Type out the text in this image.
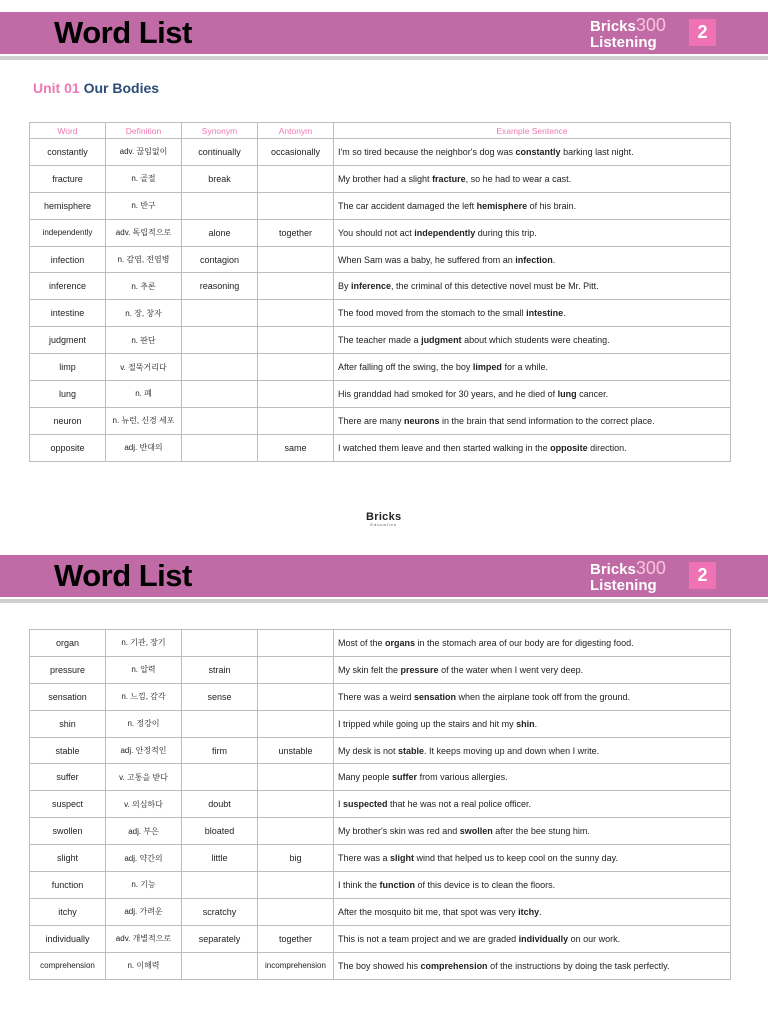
Word List	Bricks300
Listening
2
Unit 01 Our Bodies
Word	Definition	Synonym	Antonym	Example Sentence
constantly	adv. 끊임없이	continually	occasionally	I'm so tired because the neighbor's dog was constantly barking last night.
fracture	n. 골절	break		My brother had a slight fracture, so he had to wear a cast.
hemisphere	n. 반구			The car accident damaged the left hemisphere of his brain.
independently	adv. 독립적으로	alone	together	You should not act independently during this trip.
infection	n. 감염, 전염병	contagion		When Sam was a baby, he suffered from an infection.
inference	n. 추론	reasoning		By inference, the criminal of this detective novel must be Mr. Pitt.
intestine	n. 장, 창자			The food moved from the stomach to the small intestine.
judgment	n. 판단			The teacher made a judgment about which students were cheating.
limp	v. 절뚝거리다			After falling off the swing, the boy limped for a while.
lung	n. 폐			His granddad had smoked for 30 years, and he died of lung cancer.
neuron	n. 뉴런, 신경 세포			There are many neurons in the brain that send information to the correct place.
opposite	adj. 반대의		same	I watched them leave and then started walking in the opposite direction.
Bricks
Education
Word List	Bricks300
Listening
2
organ	n. 기관, 장기			Most of the organs in the stomach area of our body are for digesting food.
pressure	n. 압력	strain		My skin felt the pressure of the water when I went very deep.
sensation	n. 느낌, 감각	sense		There was a weird sensation when the airplane took off from the ground.
shin	n. 정강이			I tripped while going up the stairs and hit my shin.
stable	adj. 안정적인	firm	unstable	My desk is not stable. It keeps moving up and down when I write.
suffer	v. 고통을 받다			Many people suffer from various allergies.
suspect	v. 의심하다	doubt		I suspected that he was not a real police officer.
swollen	adj. 부은	bloated		My brother's skin was red and swollen after the bee stung him.
slight	adj. 약간의	little	big	There was a slight wind that helped us to keep cool on the sunny day.
function	n. 기능			I think the function of this device is to clean the floors.
itchy	adj. 가려운	scratchy		After the mosquito bit me, that spot was very itchy.
individually	adv. 개별적으로	separately	together	This is not a team project and we are graded individually on our work.
comprehension	n. 이해력		incomprehension	The boy showed his comprehension of the instructions by doing the task perfectly.
